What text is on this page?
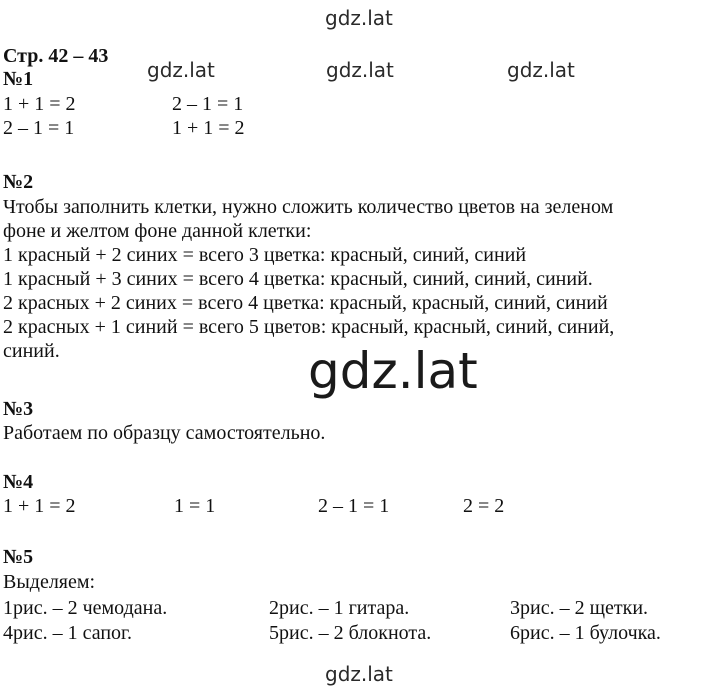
gdz.lat
gdz.lat	gdz.lat	gdz.lat
gdz.lat
gdz.lat
Стр. 42 – 43
№1
1 + 1 = 2	2 – 1 = 1
2 – 1 = 1	1 + 1 = 2
№2
Чтобы заполнить клетки, нужно сложить количество цветов на зеленом
фоне и желтом фоне данной клетки:
1 красный + 2 синих = всего 3 цветка: красный, синий, синий
1 красный + 3 синих = всего 4 цветка: красный, синий, синий, синий.
2 красных + 2 синих = всего 4 цветка: красный, красный, синий, синий
2 красных + 1 синий = всего 5 цветов: красный, красный, синий, синий,
синий.
№3
Работаем по образцу самостоятельно.
№4
1 + 1 = 2	1 = 1	2 – 1 = 1	2 = 2
№5
Выделяем:
1рис. – 2 чемодана.	2рис. – 1 гитара.	3рис. – 2 щетки.
4рис. – 1 сапог.	5рис. – 2 блокнота.	6рис. – 1 булочка.
